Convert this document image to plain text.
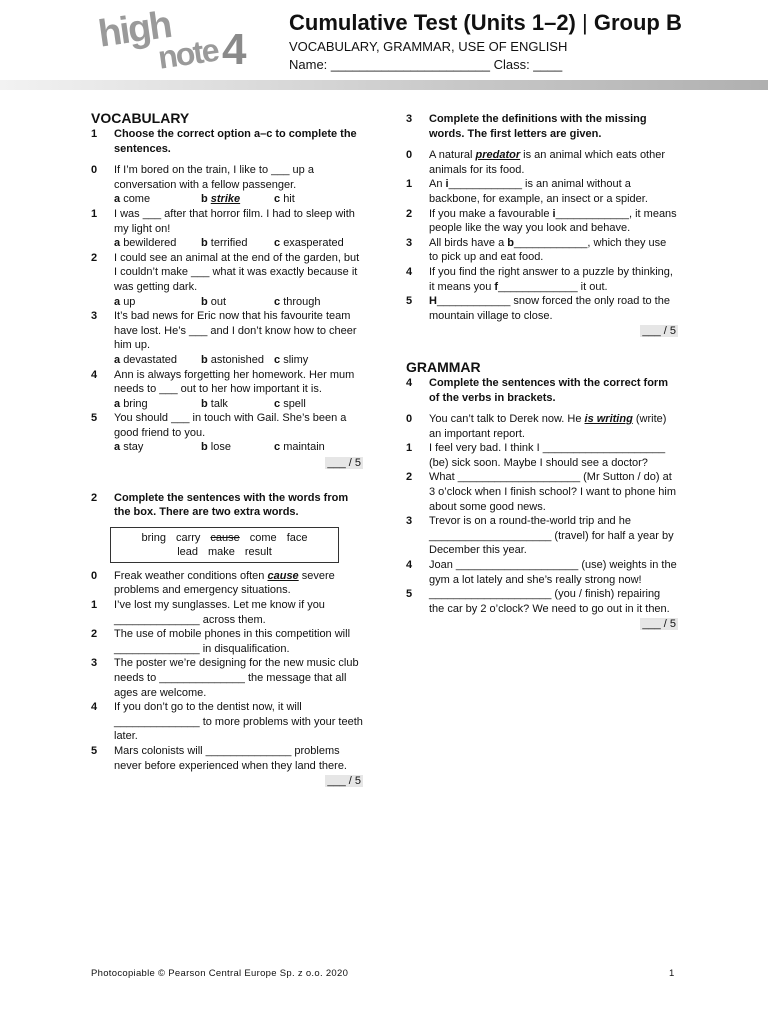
high
note 4
Cumulative Test (Units 1–2) | Group B
VOCABULARY, GRAMMAR, USE OF ENGLISH
Name: ______________________ Class: ____
VOCABULARY
1	Choose the correct option a–c to complete the sentences.
0	If I’m bored on the train, I like to ___ up a conversation with a fellow passenger.
a come	b strike	c hit
1	I was ___ after that horror film. I had to sleep with my light on!
a bewildered	b terrified	c exasperated
2	I could see an animal at the end of the garden, but I couldn’t make ___ what it was exactly because it was getting dark.
a up	b out	c through
3	It’s bad news for Eric now that his favourite team have lost. He’s ___ and I don’t know how to cheer him up.
a devastated	b astonished c slimy
4	Ann is always forgetting her homework. Her mum needs to ___ out to her how important it is.
a bring	b talk	c spell
5	You should ___ in touch with Gail. She’s been a good friend to you.
a stay	b lose	c maintain
___ / 5
2	Complete the sentences with the words from the box. There are two extra words.
bring carry cause come face
lead make result
0	Freak weather conditions often cause severe problems and emergency situations.
1	I’ve lost my sunglasses. Let me know if you ______________ across them.
2	The use of mobile phones in this competition will ______________ in disqualification.
3	The poster we’re designing for the new music club needs to ______________ the message that all ages are welcome.
4	If you don’t go to the dentist now, it will ______________ to more problems with your teeth later.
5	Mars colonists will ______________ problems never before experienced when they land there.
___ / 5
3	Complete the definitions with the missing words. The first letters are given.
0	A natural predator is an animal which eats other animals for its food.
1	An i____________ is an animal without a backbone, for example, an insect or a spider.
2	If you make a favourable i____________, it means people like the way you look and behave.
3	All birds have a b____________, which they use to pick up and eat food.
4	If you find the right answer to a puzzle by thinking, it means you f_____________ it out.
5	H____________ snow forced the only road to the mountain village to close.
___ / 5
GRAMMAR
4	Complete the sentences with the correct form of the verbs in brackets.
0	You can’t talk to Derek now. He is writing (write) an important report.
1	I feel very bad. I think I ____________________ (be) sick soon. Maybe I should see a doctor?
2	What ____________________ (Mr Sutton / do) at 3 o’clock when I finish school? I want to phone him about some good news.
3	Trevor is on a round-the-world trip and he ____________________ (travel) for half a year by December this year.
4	Joan ____________________ (use) weights in the gym a lot lately and she’s really strong now!
5	____________________ (you / finish) repairing the car by 2 o’clock? We need to go out in it then.
___ / 5
Photocopiable © Pearson Central Europe Sp. z o.o. 2020	1
